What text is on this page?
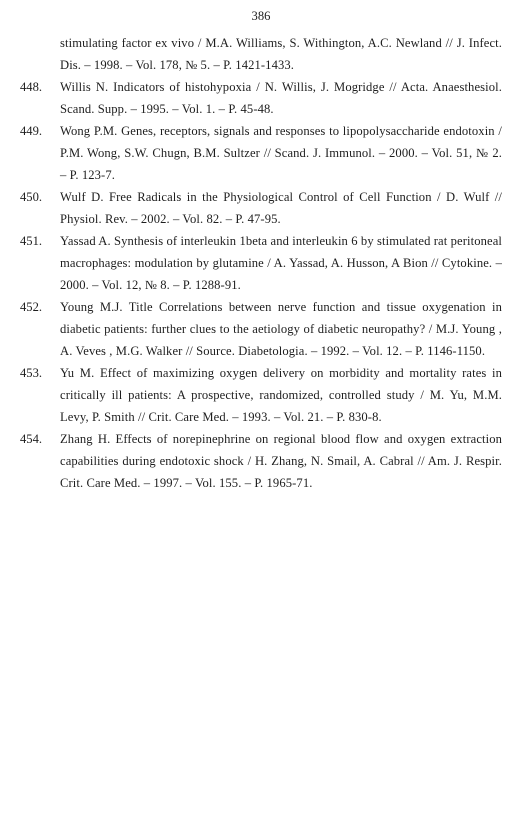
386
stimulating factor ex vivo / M.A. Williams, S. Withington, A.C. Newland // J. Infect. Dis. – 1998. – Vol. 178, № 5. – P. 1421-1433.
448.	Willis N. Indicators of histohypoxia / N. Willis, J. Mogridge // Acta. Anaesthesiol. Scand. Supp. – 1995. – Vol. 1. – P. 45-48.
449.	Wong P.M. Genes, receptors, signals and responses to lipopolysaccharide endotoxin / P.M. Wong, S.W. Chugn, B.M. Sultzer // Scand. J. Immunol. – 2000. – Vol. 51, № 2. – P. 123-7.
450.	Wulf D. Free Radicals in the Physiological Control of Cell Function / D. Wulf // Physiol. Rev. – 2002. – Vol. 82. – P. 47-95.
451.	Yassad A. Synthesis of interleukin 1beta and interleukin 6 by stimulated rat peritoneal macrophages: modulation by glutamine / A. Yassad, A. Husson, A Bion // Cytokine. – 2000. – Vol. 12, № 8. – P. 1288-91.
452.	Young M.J. Title Correlations between nerve function and tissue oxygenation in diabetic patients: further clues to the aetiology of diabetic neuropathy? / M.J. Young , A. Veves , M.G. Walker // Source. Diabetologia. – 1992. – Vol. 12. – P. 1146-1150.
453.	Yu M. Effect of maximizing oxygen delivery on morbidity and mortality rates in critically ill patients: A prospective, randomized, controlled study / M. Yu, M.M. Levy, P. Smith // Crit. Care Med. – 1993. – Vol. 21. – P. 830-8.
454.	Zhang H. Effects of norepinephrine on regional blood flow and oxygen extraction capabilities during endotoxic shock / H. Zhang, N. Smail, A. Cabral // Am. J. Respir. Crit. Care Med. – 1997. – Vol. 155. – P. 1965-71.
